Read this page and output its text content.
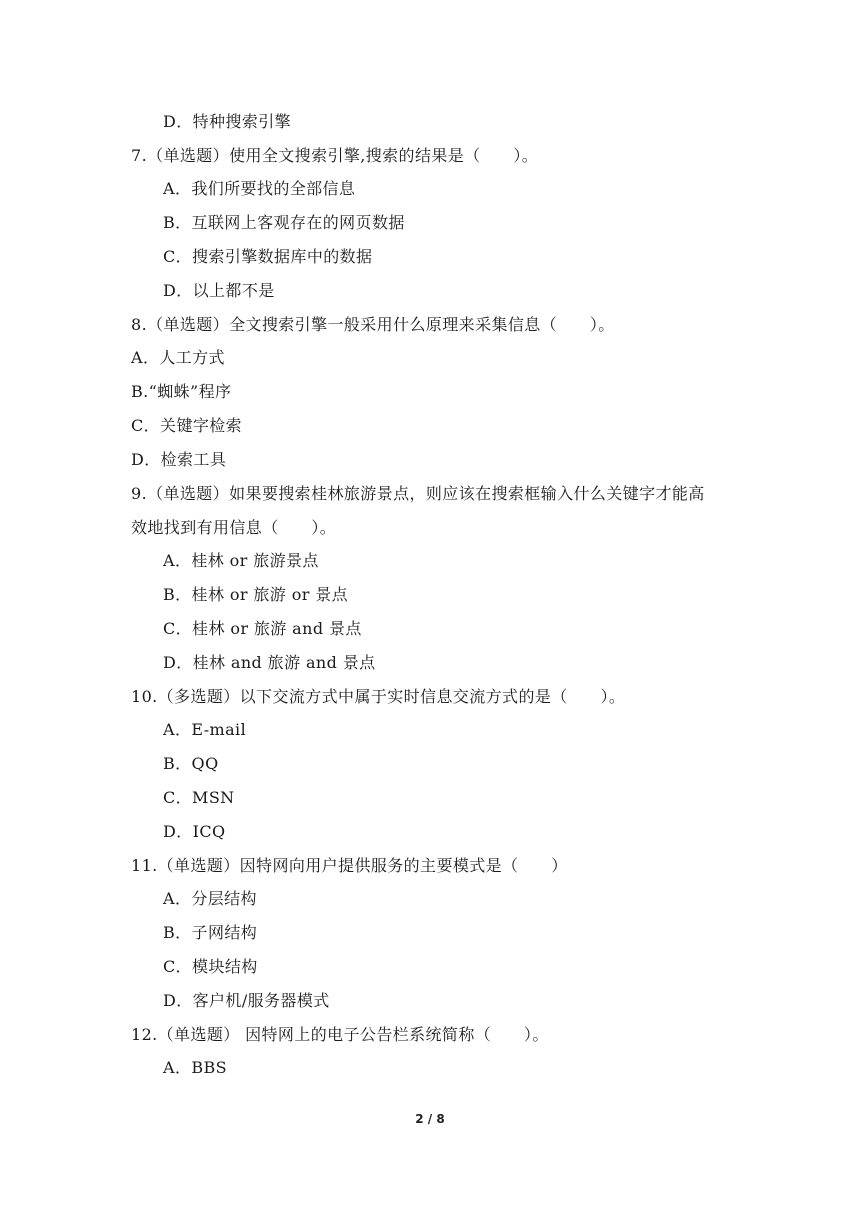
D．特种搜索引擎
7.（单选题）使用全文搜索引擎,搜索的结果是（　　）。
A．我们所要找的全部信息
B．互联网上客观存在的网页数据
C．搜索引擎数据库中的数据
D．以上都不是
8.（单选题）全文搜索引擎一般采用什么原理来采集信息（　　）。
A．人工方式
B.“蜘蛛”程序
C．关键字检索
D．检索工具
9.（单选题）如果要搜索桂林旅游景点，则应该在搜索框输入什么关键字才能高
效地找到有用信息（　　）。
A．桂林 or 旅游景点
B．桂林 or 旅游 or 景点
C．桂林 or 旅游 and 景点
D．桂林 and 旅游 and 景点
10.（多选题）以下交流方式中属于实时信息交流方式的是（　　）。
A．E-mail
B．QQ
C．MSN
D．ICQ
11.（单选题）因特网向用户提供服务的主要模式是（　　）
A．分层结构
B．子网结构
C．模块结构
D．客户机/服务器模式
12.（单选题） 因特网上的电子公告栏系统简称（　　）。
A．BBS
2 / 8
